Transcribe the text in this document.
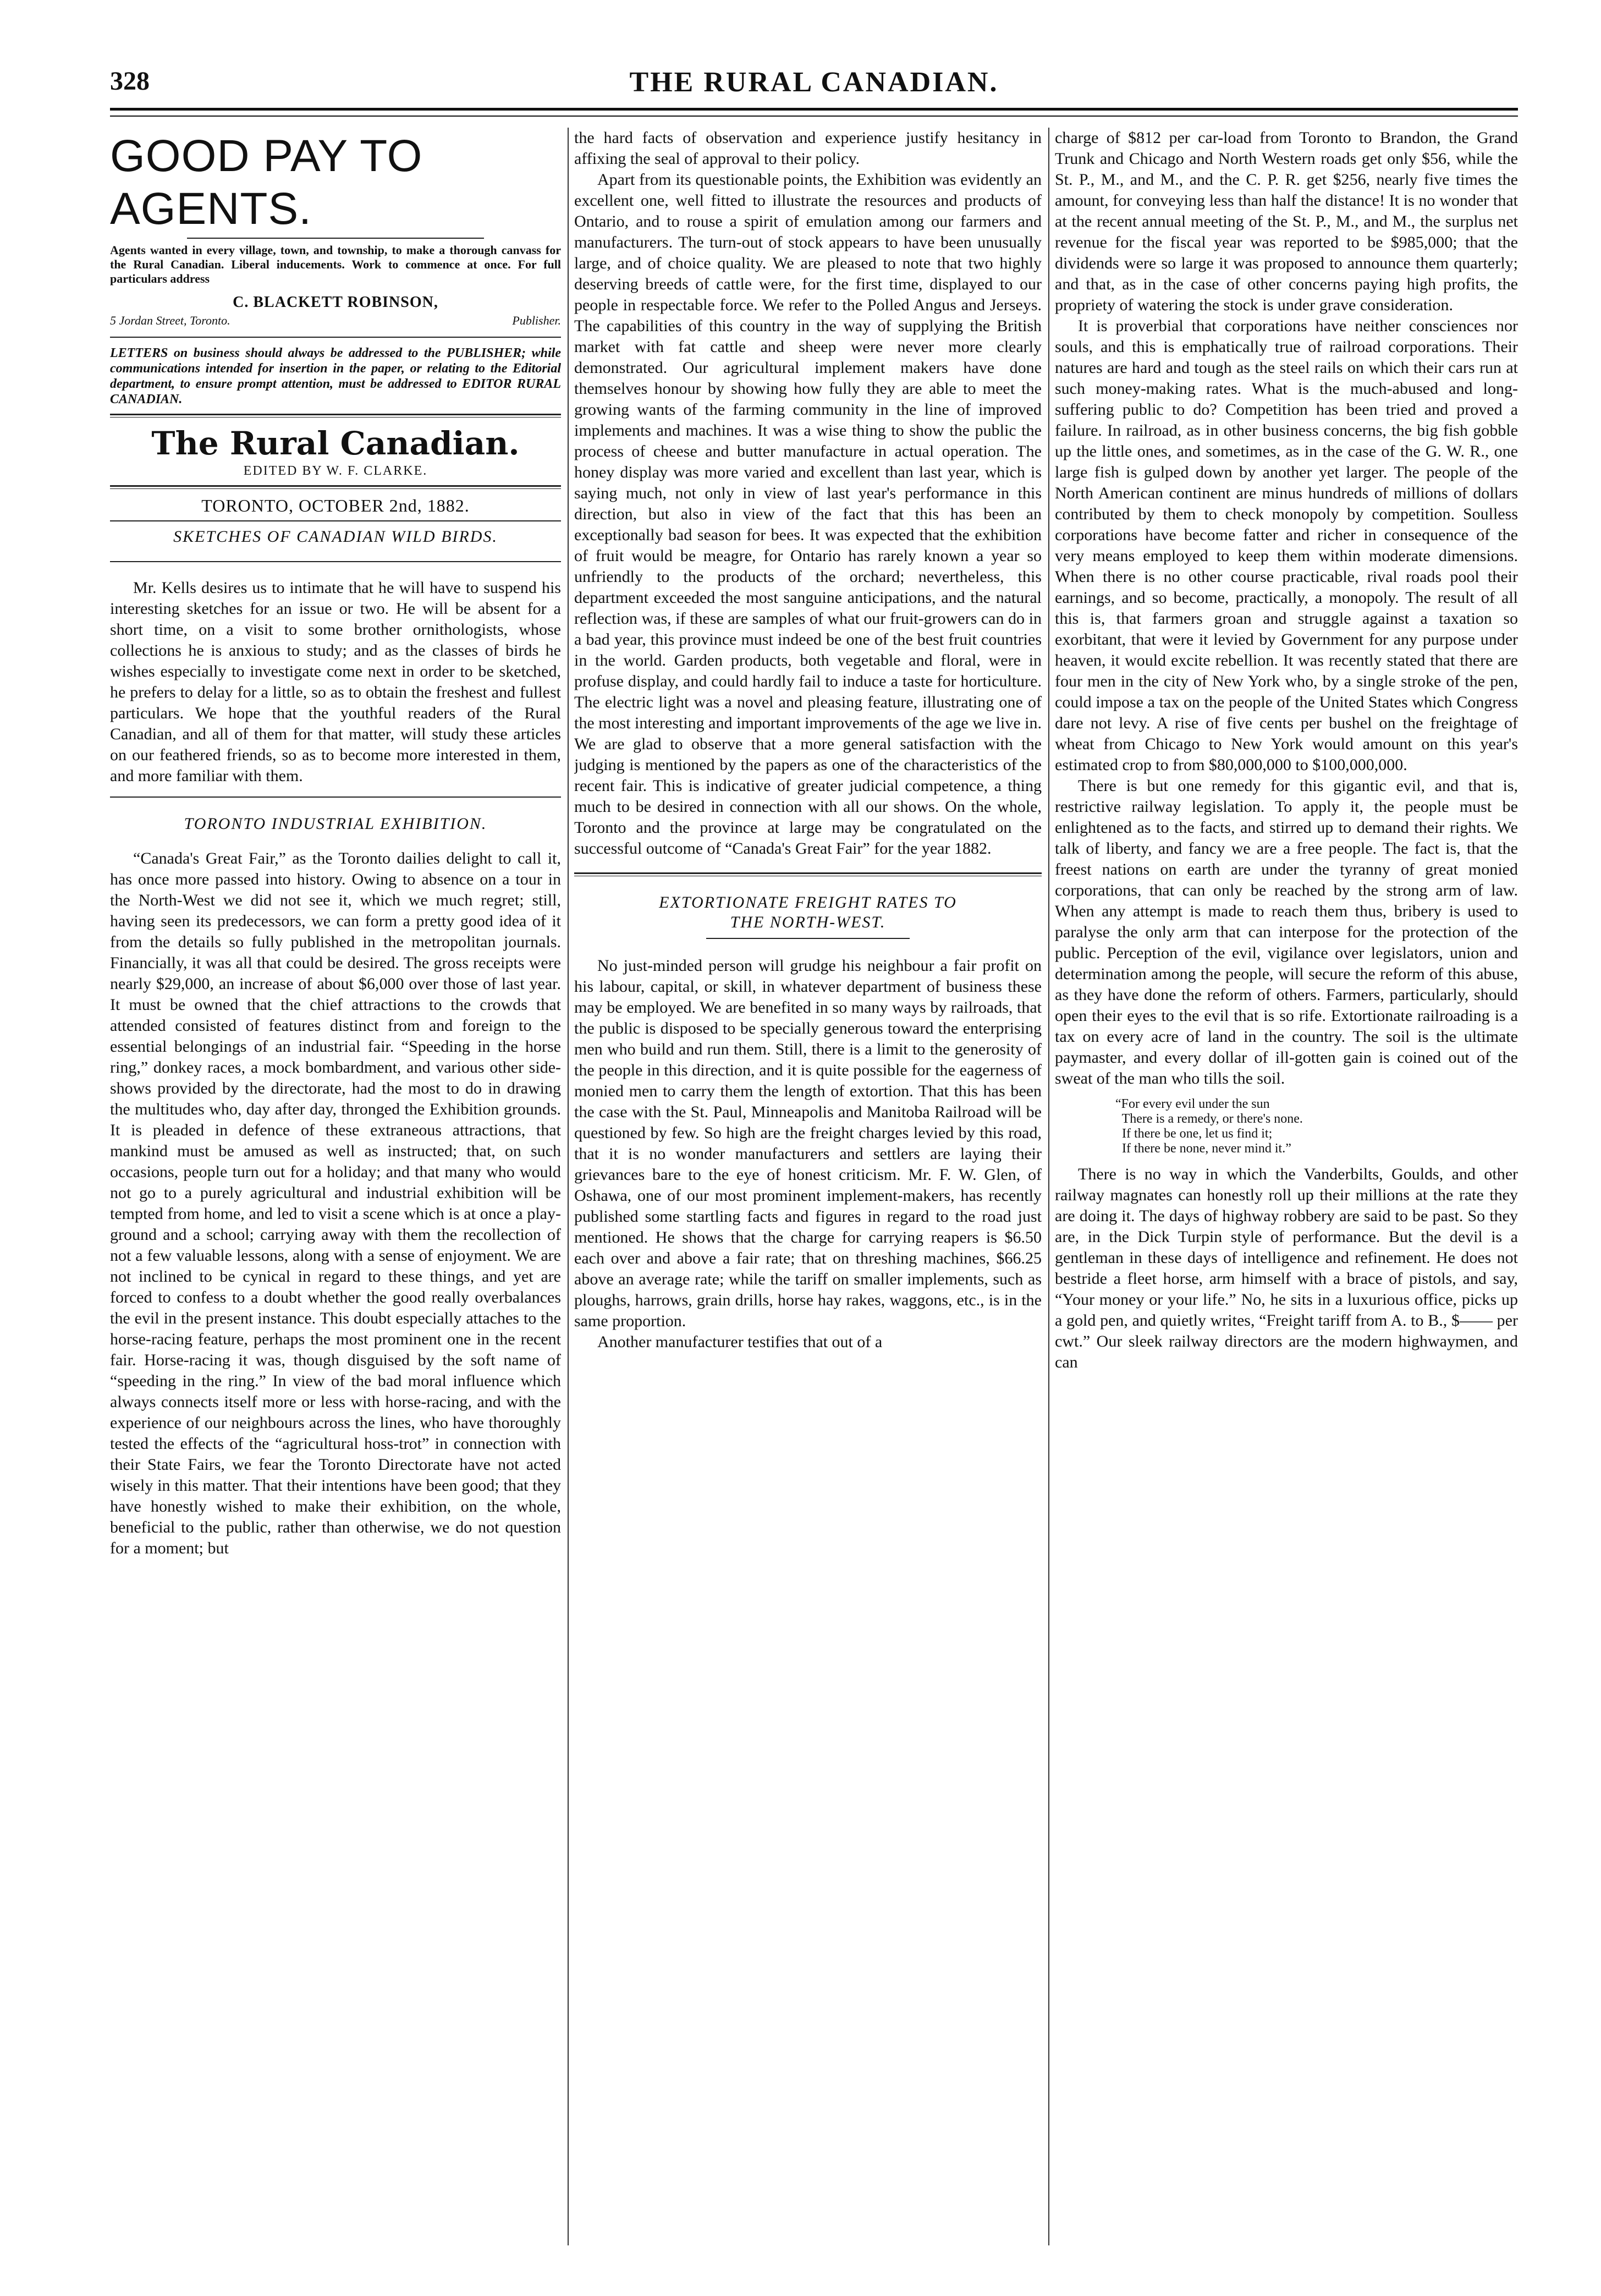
328	THE RURAL CANADIAN.
GOOD PAY TO AGENTS.

Agents wanted in every village, town, and township, to make a thorough canvass for the Rural Canadian. Liberal inducements. Work to commence at once. For full particulars address

C. BLACKETT ROBINSON,
5 Jordan Street, Toronto.	Publisher.

LETTERS on business should always be addressed to the PUBLISHER; while communications intended for insertion in the paper, or relating to the Editorial department, to ensure prompt attention, must be addressed to EDITOR RURAL CANADIAN.

The Rural Canadian.
EDITED BY W. F. CLARKE.
TORONTO, OCTOBER 2nd, 1882.
SKETCHES OF CANADIAN WILD BIRDS.

Mr. Kells desires us to intimate that he will have to suspend his interesting sketches for an issue or two. He will be absent for a short time, on a visit to some brother ornithologists, whose collections he is anxious to study; and as the classes of birds he wishes especially to investigate come next in order to be sketched, he prefers to delay for a little, so as to obtain the freshest and fullest particulars. We hope that the youthful readers of the Rural Canadian, and all of them for that matter, will study these articles on our feathered friends, so as to become more interested in them, and more familiar with them.

TORONTO INDUSTRIAL EXHIBITION.

“Canada's Great Fair,” as the Toronto dailies delight to call it, has once more passed into history. Owing to absence on a tour in the North-West we did not see it, which we much regret; still, having seen its predecessors, we can form a pretty good idea of it from the details so fully published in the metropolitan journals. Financially, it was all that could be desired. The gross receipts were nearly $29,000, an increase of about $6,000 over those of last year. It must be owned that the chief attractions to the crowds that attended consisted of features distinct from and foreign to the essential belongings of an industrial fair. “Speeding in the horse ring,” donkey races, a mock bombardment, and various other side-shows provided by the directorate, had the most to do in drawing the multitudes who, day after day, thronged the Exhibition grounds. It is pleaded in defence of these extraneous attractions, that mankind must be amused as well as instructed; that, on such occasions, people turn out for a holiday; and that many who would not go to a purely agricultural and industrial exhibition will be tempted from home, and led to visit a scene which is at once a play-ground and a school; carrying away with them the recollection of not a few valuable lessons, along with a sense of enjoyment. We are not inclined to be cynical in regard to these things, and yet are forced to confess to a doubt whether the good really overbalances the evil in the present instance. This doubt especially attaches to the horse-racing feature, perhaps the most prominent one in the recent fair. Horse-racing it was, though disguised by the soft name of “speeding in the ring.” In view of the bad moral influence which always connects itself more or less with horse-racing, and with the experience of our neighbours across the lines, who have thoroughly tested the effects of the “agricultural hoss-trot” in connection with their State Fairs, we fear the Toronto Directorate have not acted wisely in this matter. That their intentions have been good; that they have honestly wished to make their exhibition, on the whole, beneficial to the public, rather than otherwise, we do not question for a moment; but

the hard facts of observation and experience justify hesitancy in affixing the seal of approval to their policy.

Apart from its questionable points, the Exhibition was evidently an excellent one, well fitted to illustrate the resources and products of Ontario, and to rouse a spirit of emulation among our farmers and manufacturers. The turn-out of stock appears to have been unusually large, and of choice quality. We are pleased to note that two highly deserving breeds of cattle were, for the first time, displayed to our people in respectable force. We refer to the Polled Angus and Jerseys. The capabilities of this country in the way of supplying the British market with fat cattle and sheep were never more clearly demonstrated. Our agricultural implement makers have done themselves honour by showing how fully they are able to meet the growing wants of the farming community in the line of improved implements and machines. It was a wise thing to show the public the process of cheese and butter manufacture in actual operation. The honey display was more varied and excellent than last year, which is saying much, not only in view of last year's performance in this direction, but also in view of the fact that this has been an exceptionally bad season for bees. It was expected that the exhibition of fruit would be meagre, for Ontario has rarely known a year so unfriendly to the products of the orchard; nevertheless, this department exceeded the most sanguine anticipations, and the natural reflection was, if these are samples of what our fruit-growers can do in a bad year, this province must indeed be one of the best fruit countries in the world. Garden products, both vegetable and floral, were in profuse display, and could hardly fail to induce a taste for horticulture. The electric light was a novel and pleasing feature, illustrating one of the most interesting and important improvements of the age we live in. We are glad to observe that a more general satisfaction with the judging is mentioned by the papers as one of the characteristics of the recent fair. This is indicative of greater judicial competence, a thing much to be desired in connection with all our shows. On the whole, Toronto and the province at large may be congratulated on the successful outcome of “Canada's Great Fair” for the year 1882.

EXTORTIONATE FREIGHT RATES TO
THE NORTH-WEST.

No just-minded person will grudge his neighbour a fair profit on his labour, capital, or skill, in whatever department of business these may be employed. We are benefited in so many ways by railroads, that the public is disposed to be specially generous toward the enterprising men who build and run them. Still, there is a limit to the generosity of the people in this direction, and it is quite possible for the eagerness of monied men to carry them the length of extortion. That this has been the case with the St. Paul, Minneapolis and Manitoba Railroad will be questioned by few. So high are the freight charges levied by this road, that it is no wonder manufacturers and settlers are laying their grievances bare to the eye of honest criticism. Mr. F. W. Glen, of Oshawa, one of our most prominent implement-makers, has recently published some startling facts and figures in regard to the road just mentioned. He shows that the charge for carrying reapers is $6.50 each over and above a fair rate; that on threshing machines, $66.25 above an average rate; while the tariff on smaller implements, such as ploughs, harrows, grain drills, horse hay rakes, waggons, etc., is in the same proportion.

Another manufacturer testifies that out of a

charge of $812 per car-load from Toronto to Brandon, the Grand Trunk and Chicago and North Western roads get only $56, while the St. P., M., and M., and the C. P. R. get $256, nearly five times the amount, for conveying less than half the distance! It is no wonder that at the recent annual meeting of the St. P., M., and M., the surplus net revenue for the fiscal year was reported to be $985,000; that the dividends were so large it was proposed to announce them quarterly; and that, as in the case of other concerns paying high profits, the propriety of watering the stock is under grave consideration.

It is proverbial that corporations have neither consciences nor souls, and this is emphatically true of railroad corporations. Their natures are hard and tough as the steel rails on which their cars run at such money-making rates. What is the much-abused and long-suffering public to do? Competition has been tried and proved a failure. In railroad, as in other business concerns, the big fish gobble up the little ones, and sometimes, as in the case of the G. W. R., one large fish is gulped down by another yet larger. The people of the North American continent are minus hundreds of millions of dollars contributed by them to check monopoly by competition. Soulless corporations have become fatter and richer in consequence of the very means employed to keep them within moderate dimensions. When there is no other course practicable, rival roads pool their earnings, and so become, practically, a monopoly. The result of all this is, that farmers groan and struggle against a taxation so exorbitant, that were it levied by Government for any purpose under heaven, it would excite rebellion. It was recently stated that there are four men in the city of New York who, by a single stroke of the pen, could impose a tax on the people of the United States which Congress dare not levy. A rise of five cents per bushel on the freightage of wheat from Chicago to New York would amount on this year's estimated crop to from $80,000,000 to $100,000,000.

There is but one remedy for this gigantic evil, and that is, restrictive railway legislation. To apply it, the people must be enlightened as to the facts, and stirred up to demand their rights. We talk of liberty, and fancy we are a free people. The fact is, that the freest nations on earth are under the tyranny of great monied corporations, that can only be reached by the strong arm of law. When any attempt is made to reach them thus, bribery is used to paralyse the only arm that can interpose for the protection of the public. Perception of the evil, vigilance over legislators, union and determination among the people, will secure the reform of this abuse, as they have done the reform of others. Farmers, particularly, should open their eyes to the evil that is so rife. Extortionate railroading is a tax on every acre of land in the country. The soil is the ultimate paymaster, and every dollar of ill-gotten gain is coined out of the sweat of the man who tills the soil.

“For every evil under the sun
There is a remedy, or there's none.
If there be one, let us find it;
If there be none, never mind it.”

There is no way in which the Vanderbilts, Goulds, and other railway magnates can honestly roll up their millions at the rate they are doing it. The days of highway robbery are said to be past. So they are, in the Dick Turpin style of performance. But the devil is a gentleman in these days of intelligence and refinement. He does not bestride a fleet horse, arm himself with a brace of pistols, and say, “Your money or your life.” No, he sits in a luxurious office, picks up a gold pen, and quietly writes, “Freight tariff from A. to B., $—— per cwt.” Our sleek railway directors are the modern highwaymen, and can
